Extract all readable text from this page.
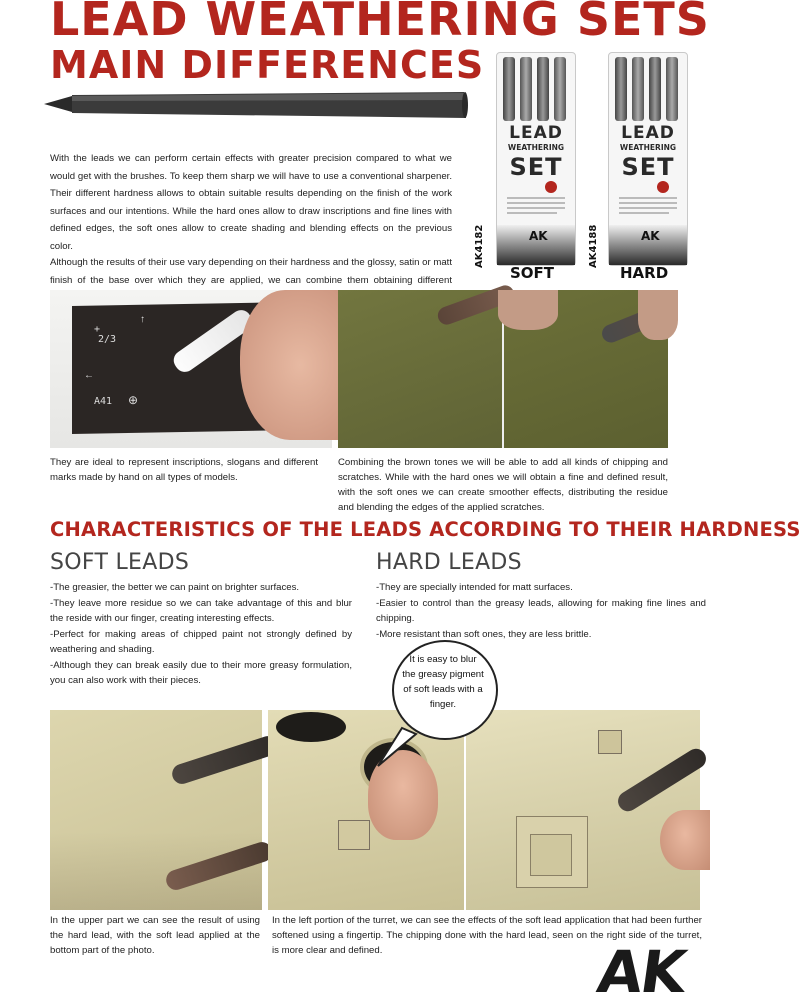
LEAD WEATHERING SETS
MAIN DIFFERENCES

With the leads we can perform certain effects with greater precision compared to what we would get with the brushes. To keep them sharp we will have to use a conventional sharpener. Their different hardness allows to obtain suitable results depending on the finish of the work surfaces and our intentions. While the hard ones allow to draw inscriptions and fine lines with defined edges, the soft ones allow to create shading and blending effects on the previous color.

Although the results of their use vary depending on their hardness and the glossy, satin or matt finish of the base over which they are applied, we can combine them obtaining different

LEAD
WEATHERING
SET
AK
AK4182
SOFT
LEAD
WEATHERING
SET
AK
AK4188
HARD
+
2/3
↑
←
A41 ⊕

They are ideal to represent inscriptions, slogans and different marks made by hand on all types of models.

Combining the brown tones we will be able to add all kinds of chipping and scratches. While with the hard ones we will obtain a fine and defined result, with the soft ones we can create smoother effects, distributing the residue and blending the edges of the applied scratches.

CHARACTERISTICS OF THE LEADS ACCORDING TO THEIR HARDNESS
SOFT LEADS
-The greasier, the better we can paint on brighter surfaces.
-They leave more residue so we can take advantage of this and blur the reside with our finger, creating interesting effects.
-Perfect for making areas of chipped paint not strongly defined by weathering and shading.
-Although they can break easily due to their more greasy formulation, you can also work with their pieces.
HARD LEADS
-They are specially intended for matt surfaces.
-Easier to control than the greasy leads, allowing for making fine lines and chipping.
-More resistant than soft ones, they are less brittle.

It is easy to blur the greasy pigment of soft leads with a finger.

In the upper part we can see the result of using the hard lead, with the soft lead applied at the bottom part of the photo.

In the left portion of the turret, we can see the effects of the soft lead application that had been further softened using a fingertip. The chipping done with the hard lead, seen on the right side of the turret, is more clear and defined.	AK
